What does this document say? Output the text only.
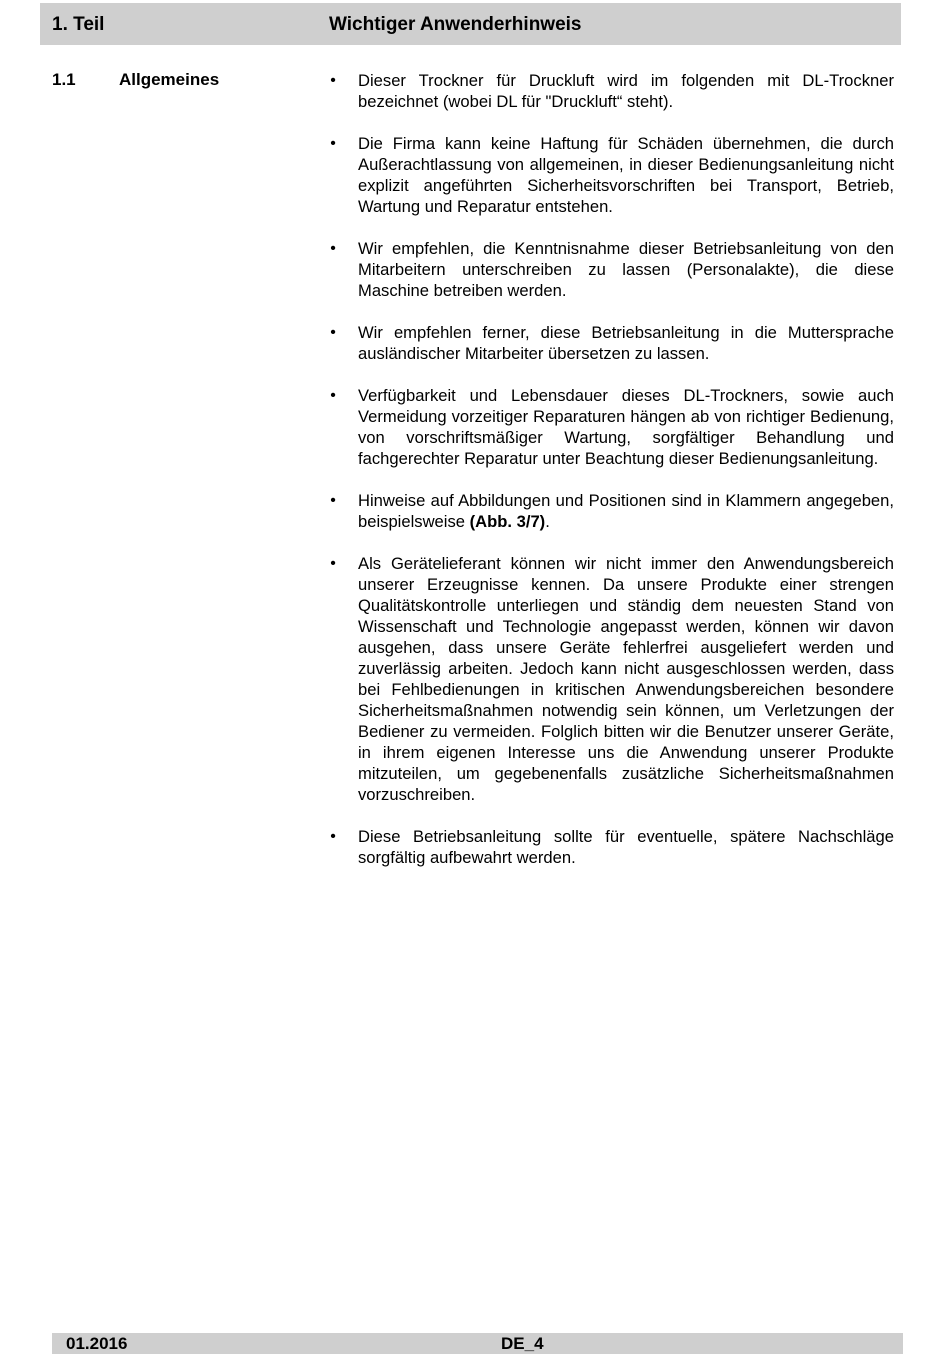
1. Teil	Wichtiger Anwenderhinweis
1.1	Allgemeines	• Dieser Trockner für Druckluft wird im folgenden mit DL-Trockner bezeichnet (wobei DL für "Druckluft“ steht).
• Die Firma kann keine Haftung für Schäden übernehmen, die durch Außerachtlassung von allgemeinen, in dieser Bedienungsanleitung nicht explizit angeführten Sicherheitsvorschriften bei Transport, Betrieb, Wartung und Reparatur entstehen.
• Wir empfehlen, die Kenntnisnahme dieser Betriebsanleitung von den Mitarbeitern unterschreiben zu lassen (Personalakte), die diese Maschine betreiben werden.
• Wir empfehlen ferner, diese Betriebsanleitung in die Muttersprache ausländischer Mitarbeiter übersetzen zu lassen.
• Verfügbarkeit und Lebensdauer dieses DL-Trockners, sowie auch Vermeidung vorzeitiger Reparaturen hängen ab von richtiger Bedienung, von vorschriftsmäßiger Wartung, sorgfältiger Behandlung und fachgerechter Reparatur unter Beachtung dieser Bedienungsanleitung.
• Hinweise auf Abbildungen und Positionen sind in Klammern angegeben, beispielsweise (Abb. 3/7).
• Als Gerätelieferant können wir nicht immer den Anwendungsbereich unserer Erzeugnisse kennen. Da unsere Produkte einer strengen Qualitätskontrolle unterliegen und ständig dem neuesten Stand von Wissenschaft und Technologie angepasst werden, können wir davon ausgehen, dass unsere Geräte fehlerfrei ausgeliefert werden und zuverlässig arbeiten. Jedoch kann nicht ausgeschlossen werden, dass bei Fehlbedienungen in kritischen Anwendungsbereichen besondere Sicherheitsmaßnahmen notwendig sein können, um Verletzungen der Bediener zu vermeiden. Folglich bitten wir die Benutzer unserer Geräte, in ihrem eigenen Interesse uns die Anwendung unserer Produkte mitzuteilen, um gegebenenfalls zusätzliche Sicherheitsmaßnahmen vorzuschreiben.
• Diese Betriebsanleitung sollte für eventuelle, spätere Nachschläge sorgfältig aufbewahrt werden.
01.2016	DE_4
